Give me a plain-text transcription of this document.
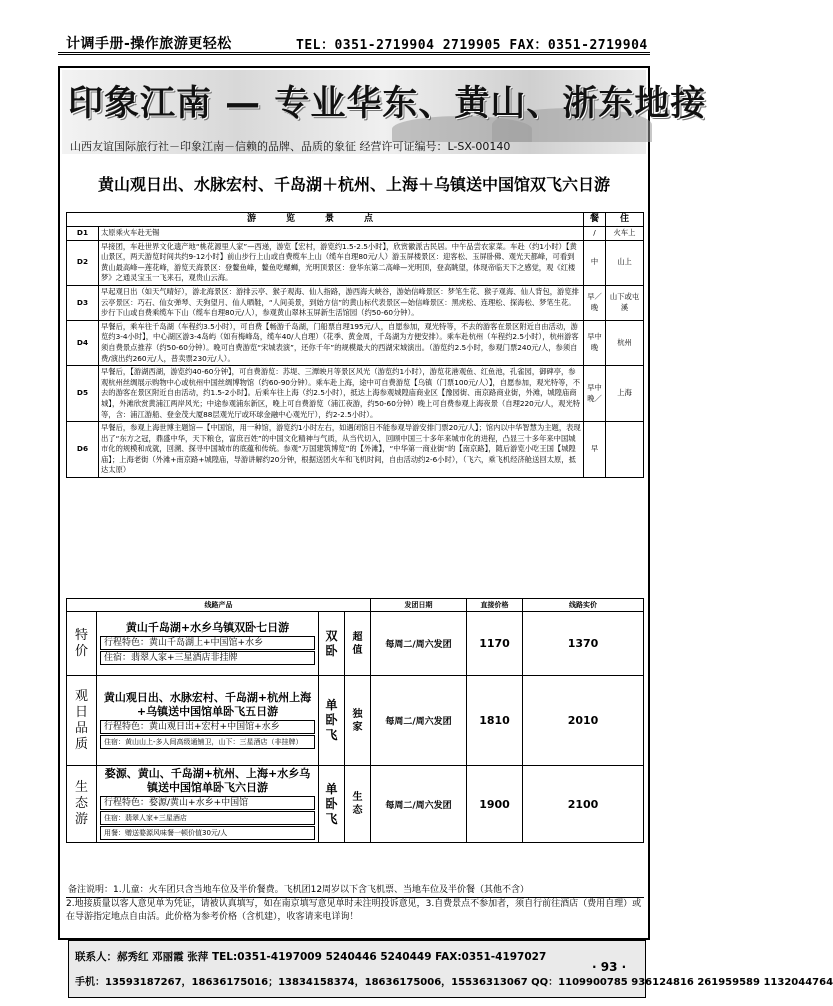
计调手册-操作旅游更轻松	TEL：0351-2719904 2719905 FAX：0351-2719904
印象江南 — 专业华东、黄山、浙东地接
山西友谊国际旅行社－印象江南－信赖的品牌、品质的象征 经营许可证编号：L-SX-00140
黄山观日出、水脉宏村、千岛湖＋杭州、上海＋乌镇送中国馆双飞六日游
游览景点		餐	住
D1	太原乘火车赴无锡	/	火车上
D2	早接团，车赴世界文化遗产地“桃花源里人家”—西递，游览【宏村，游览约1.5-2.5小时】，欣赏徽派古民居。中午品尝农家菜。车赴（约1小时）【黄山景区，两天游览时间共约9-12小时】前山步行上山或自费缆车上山（缆车自理80元/人）游玉屏楼景区：迎客松、玉屏卧佛、观光天都峰，可看到黄山最高峰—莲花峰，游览天海景区：登鳌鱼峰，鳌鱼吃螺蛳，光明顶景区：登华东第二高峰—光明顶，登高眺望，体现帝临天下之感觉，观《红楼梦》之通灵宝玉一飞来石，观贵山云海。	中	山上
D3	早起观日出（如天气晴好），游北海景区：游排云亭、猴子观海、仙人指路，游西海大峡谷，游始信峰景区：梦笔生花、猴子观海、仙人背包，游览排云亭景区：巧石、仙女弹琴、天狗望月、仙人晒鞋，“人间美景，到始方信”的黄山标代表景区—始信峰景区：黑虎松、连理松、探海松、梦笔生花。步行下山或自费乘缆车下山（缆车自理80元/人），参观黄山翠林玉屏新生活馆园（约50-60分钟）。	早／晚	山下或屯溪
D4	早餐后，乘车往千岛湖（车程约3.5小时），可自费【畅游千岛湖，门船票自理195元/人，自愿参加，观光特等，不去的游客在景区附近自由活动，游览约3-4小时】，中心湖区游3-4岛屿（如有梅峰岛，缆车40/人自理）（花季、黄金周，千岛湖为方便安排）。乘车赴杭州（车程约2.5小时），杭州游客须自费景点推荐（约50-60分钟）。晚可自费游览“宋城表演”，还你千年”的规模最大的西湖宋城演出。（游览约2.5小时，参观门票240元/人，参须自费/演出约260元/人，普卖票230元/人）。	早中晚	杭州
D5	早餐后，【游湖西湖，游览约40-60分钟】，可自费游览：苏堤、三潭映月等景区风光（游览约1小时），游览花港观鱼、红鱼池，孔雀园，御碑亭，参观杭州丝绸展示购物中心或杭州中国丝绸博物馆（约60-90分钟）。乘车赴上海，途中可自费游览【乌镇（门票100元/人）】，自愿参加，观光特等，不去的游客在景区附近自由活动，约1.5-2小时】。后乘车往上海（约2.5小时），抵达上海参观城隍庙商业区【豫园街、南京路商业街，外滩，城隍庙商城】，外滩欣赏黄浦江两岸风光；中途参观浦东新区，晚上可自费游览（浦江夜游，约50-60分钟）晚上可自费参观上海夜景（自理220元/人，观光特等，含：浦江游船、登金茂大厦88层观光厅或环球金融中心观光厅），约2-2.5小时）。	早中晚／	上海
D6	早餐后，参观上海世博主题馆—【中国馆，用一种馆，游览约1小时左右，如遇闭馆日不能参观导游安排门票20元/人】；馆内以中华智慧为主题，表现出了“东方之冠，鼎盛中华，天下粮仓，富庶百姓”的中国文化精神与气质，从当代切入，回顾中国三十多年来城市化的进程，凸显三十多年来中国城市化的规模和成就，回溯、探寻中国城市的底蕴和传统。参观“万国建筑博览”的【外滩】，“中华第一商业街”的【南京路】，随后游览小吃王国【城隍庙】；上海老街（外滩+南京路+城隍庙，导游讲解约20分钟，根据送团火车和飞机时间，自由活动约2-6小时），（飞六，乘飞机经济舱送回太原，抵达太原）	早	
线路产品				发团日期	直接价格	线路实价
特价	黄山千岛湖+水乡乌镇双卧七日游
行程特色：黄山千岛湖上+中国馆+水乡
住宿：翡翠人家+三星酒店非挂牌	双卧	超值	每周二/周六发团	1170	1370
观日品质	黄山观日出、水脉宏村、千岛湖+杭州上海+乌镇送中国馆单卧飞五日游
行程特色：黄山观日出+宏村+中国馆+水乡
住宿：黄山山上-多人间高级通铺卫，山下：三星酒店（非挂牌）	单卧飞	独家	每周二/周六发团	1810	2010
生态游	婺源、黄山、千岛湖+杭州、上海+水乡乌镇送中国馆单卧飞六日游
行程特色：婺源/黄山+水乡+中国馆
住宿：翡翠人家+三星酒店
用餐：赠送婺源风味餐一顿价值30元/人	单卧飞	生态	每周二/周六发团	1900	2100
备注说明：1.儿童：火车团只含当地车位及半价餐费。飞机团12周岁以下含飞机票、当地车位及半价餐（其他不含）
2.地接质量以客人意见单为凭证，请被认真填写，如在南京填写意见单时未注明投诉意见，3.自费景点不参加者，须自行前往酒店（费用自理）或在导游指定地点自由活。此价格为参考价格（含机建），收客请来电详询！
联系人：郝秀红 邓丽霞 张萍 TEL:0351-4197009 5240446 5240449 FAX:0351-4197027
手机：13593187267，18636175016；13834158374，18636175006，15536313067 QQ：1109900785 936124816 261959589 1132044764
· 93 ·
